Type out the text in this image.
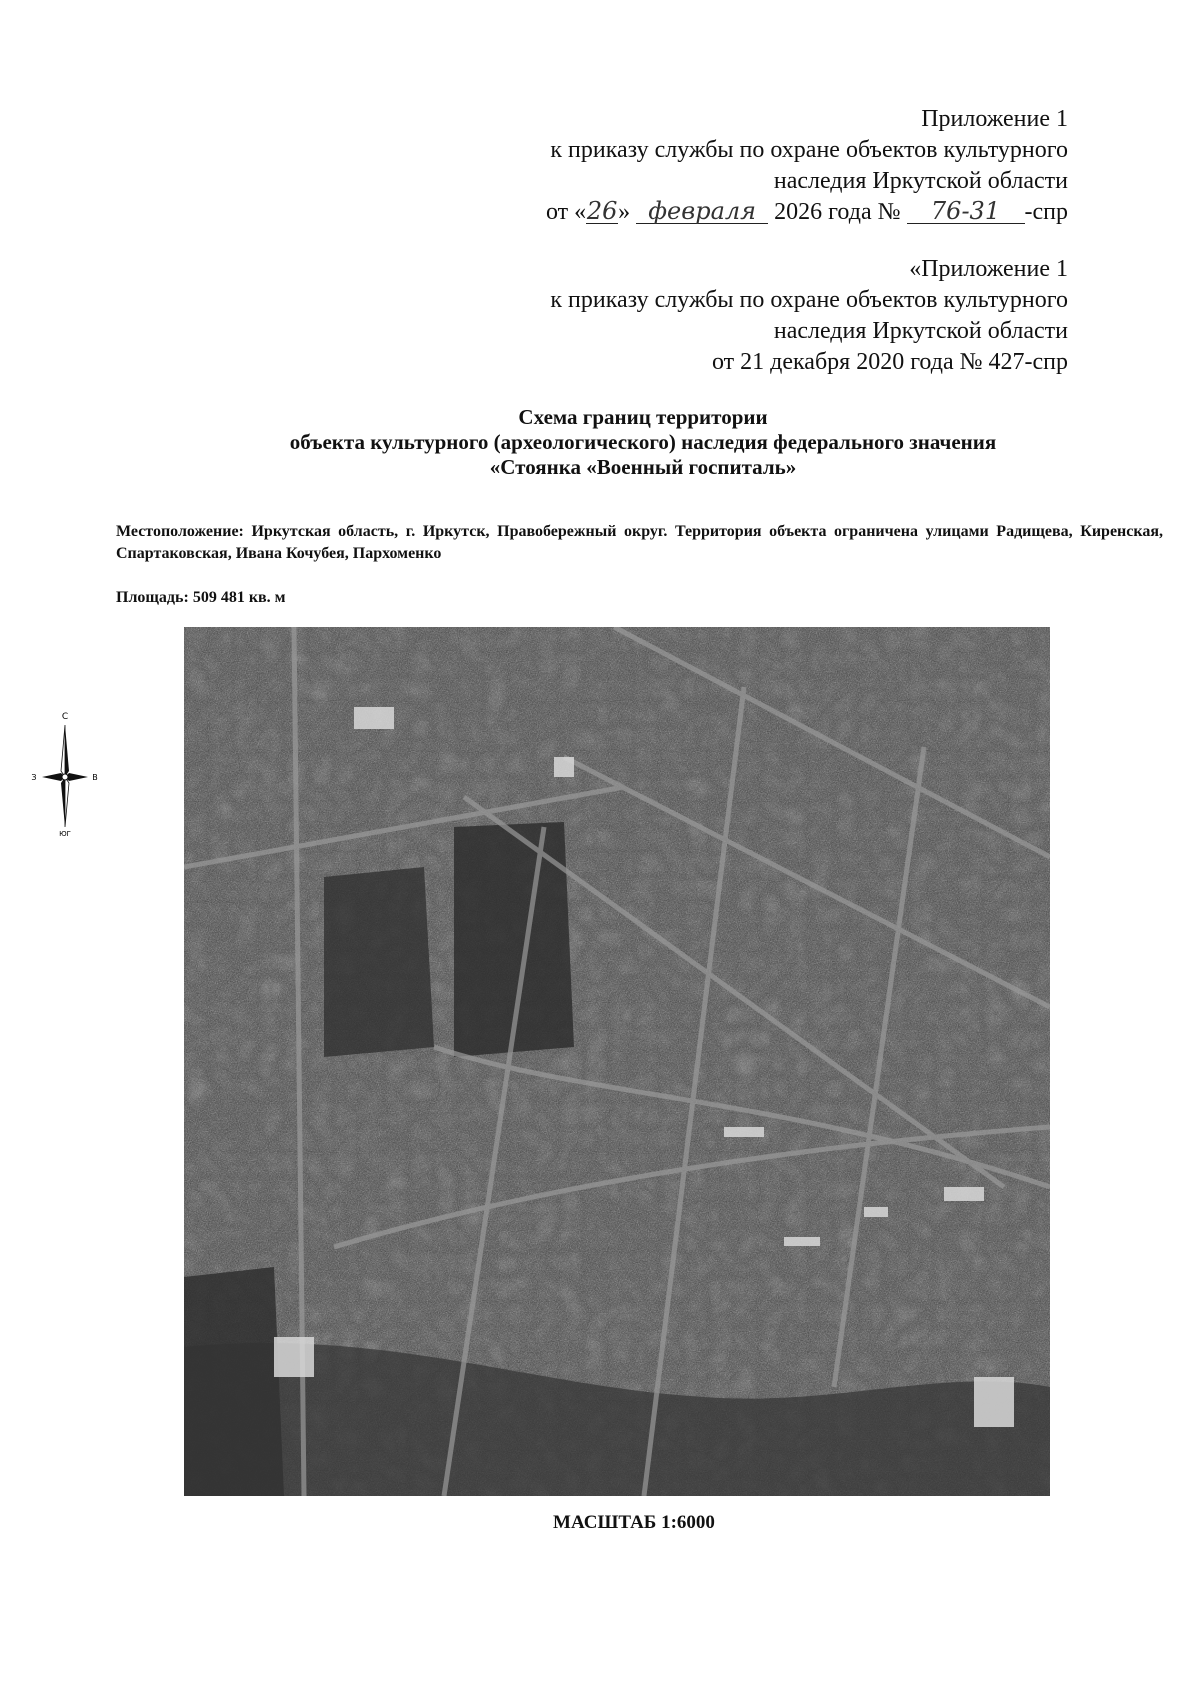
Приложение 1
к приказу службы по охране объектов культурного
наследия Иркутской области
от «26» февраля 2026 года № 76-31 -спр
«Приложение 1
к приказу службы по охране объектов культурного
наследия Иркутской области
от 21 декабря 2020 года № 427-спр
Схема границ территории
объекта культурного (археологического) наследия федерального значения
«Стоянка «Военный госпиталь»
Местоположение: Иркутская область, г. Иркутск, Правобережный округ. Территория объекта ограничена улицами Радищева, Киренская, Спартаковская, Ивана Кочубея, Пархоменко
Площадь: 509 481 кв. м
С
З	В
ЮГ
МАСШТАБ 1:6000
